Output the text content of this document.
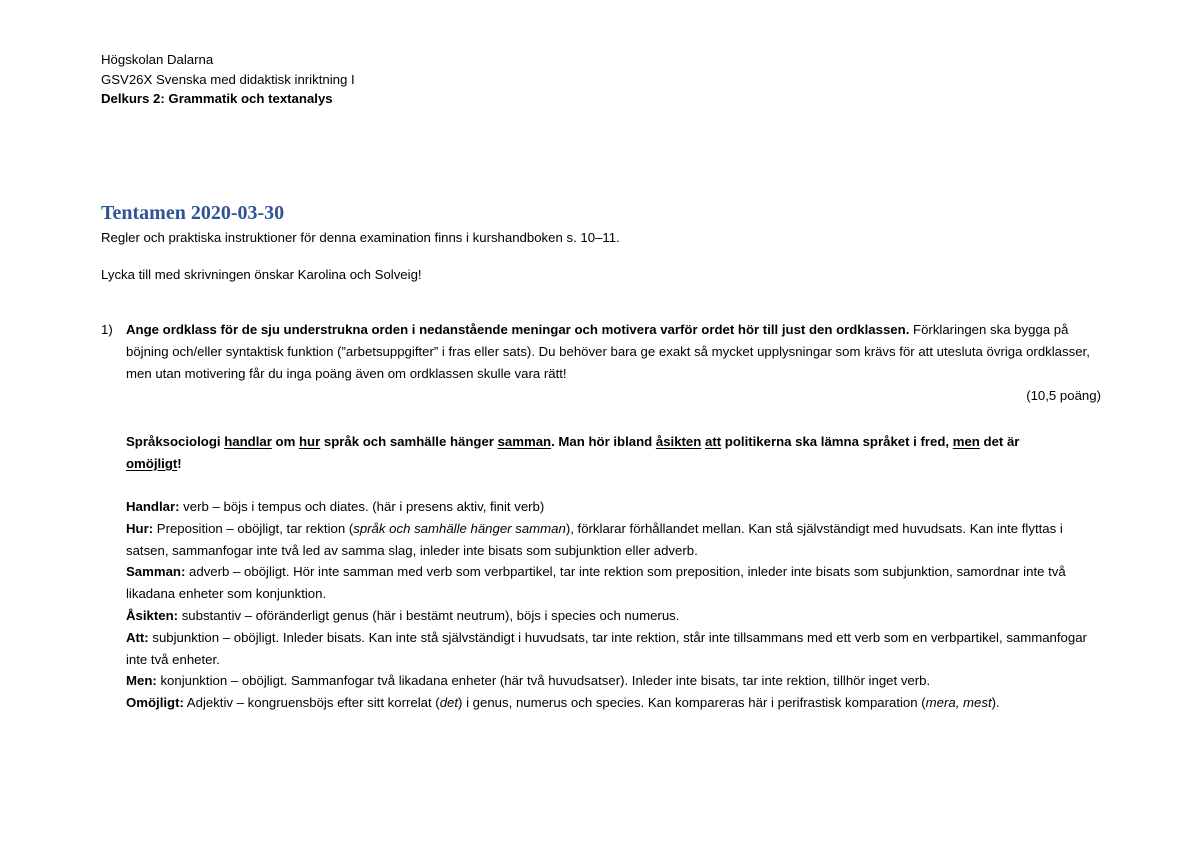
Högskolan Dalarna
GSV26X Svenska med didaktisk inriktning I
Delkurs 2: Grammatik och textanalys
Tentamen 2020-03-30
Regler och praktiska instruktioner för denna examination finns i kurshandboken s. 10–11.
Lycka till med skrivningen önskar Karolina och Solveig!
1) Ange ordklass för de sju understrukna orden i nedanstående meningar och motivera varför ordet hör till just den ordklassen. Förklaringen ska bygga på böjning och/eller syntaktisk funktion (”arbetsuppgifter” i fras eller sats). Du behöver bara ge exakt så mycket upplysningar som krävs för att utesluta övriga ordklasser, men utan motivering får du inga poäng även om ordklassen skulle vara rätt!

(10,5 poäng)
Språksociologi handlar om hur språk och samhälle hänger samman. Man hör ibland åsikten att politikerna ska lämna språket i fred, men det är
omöjligt!

Handlar: verb – böjs i tempus och diates. (här i presens aktiv, finit verb)

Hur: Preposition – oböjligt, tar rektion (språk och samhälle hänger samman), förklarar förhållandet mellan. Kan stå självständigt med huvudsats. Kan inte flyttas i satsen, sammanfogar inte två led av samma slag, inleder inte bisats som subjunktion eller adverb.

Samman: adverb – oböjligt. Hör inte samman med verb som verbpartikel, tar inte rektion som preposition, inleder inte bisats som subjunktion, samordnar inte två likadana enheter som konjunktion.

Åsikten: substantiv – oföränderligt genus (här i bestämt neutrum), böjs i species och numerus.

Att: subjunktion – oböjligt. Inleder bisats. Kan inte stå självständigt i huvudsats, tar inte rektion, står inte tillsammans med ett verb som en verbpartikel, sammanfogar inte två enheter.

Men: konjunktion – oböjligt. Sammanfogar två likadana enheter (här två huvudsatser). Inleder inte bisats, tar inte rektion, tillhör inget verb.

Omöjligt: Adjektiv – kongruensböjs efter sitt korrelat (det) i genus, numerus och species. Kan kompareras här i perifrastisk komparation (mera, mest).
